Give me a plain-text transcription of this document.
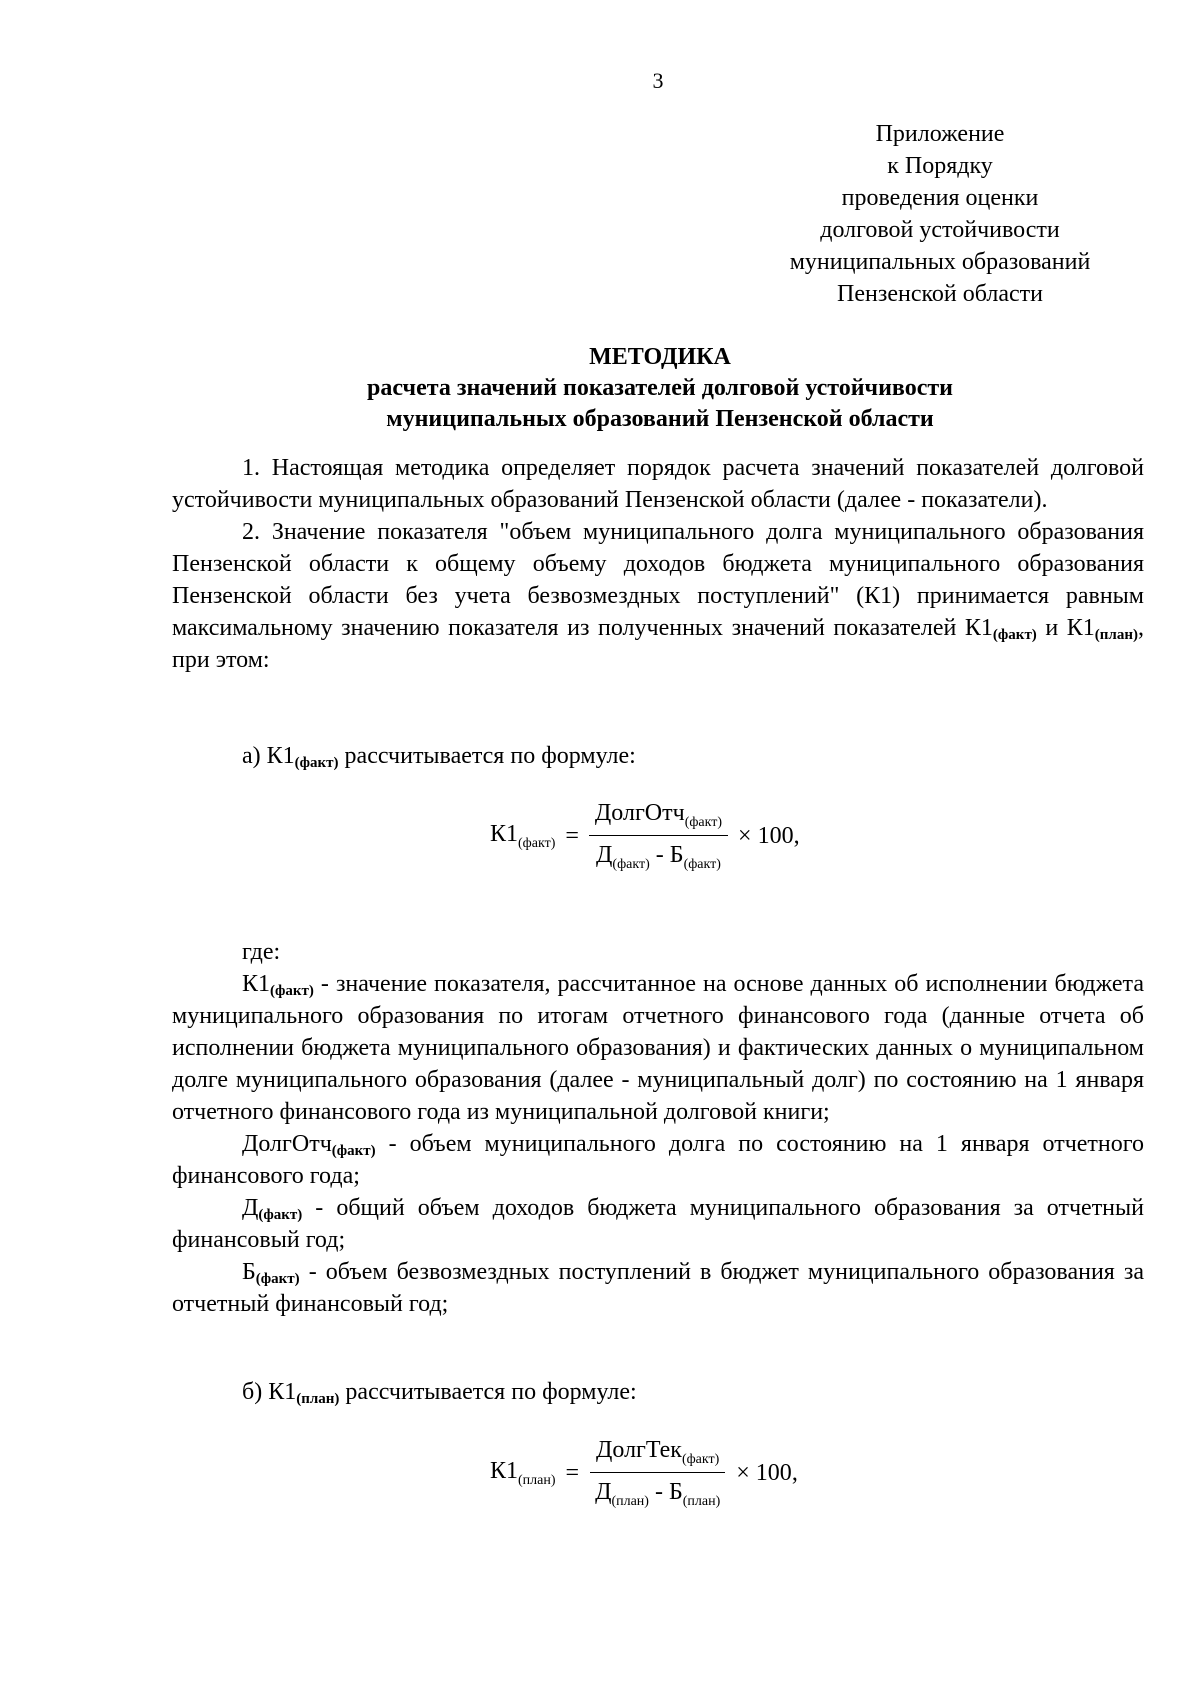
3
Приложение
к Порядку
проведения оценки
долговой устойчивости
муниципальных образований
Пензенской области
МЕТОДИКА
расчета значений показателей долговой устойчивости
муниципальных образований Пензенской области

1. Настоящая методика определяет порядок расчета значений показателей долговой устойчивости муниципальных образований Пензенской области (далее - показатели).

2. Значение показателя "объем муниципального долга муниципального образования Пензенской области к общему объему доходов бюджета муниципального образования Пензенской области без учета безвозмездных поступлений" (К1) принимается равным максимальному значению показателя из полученных значений показателей $К1_{(факт)}$ и $К1_{(план)}$, при этом:

а) $К1_{(факт)}$ рассчитывается по формуле:

$К1_{(факт)} = \frac{ДолгОтч_{(факт)}}{Д_{(факт)} - Б_{(факт)}} \times 100$ ,

где:

$К1_{(факт)}$ - значение показателя, рассчитанное на основе данных об исполнении бюджета муниципального образования по итогам отчетного финансового года (данные отчета об исполнении бюджета муниципального образования) и фактических данных о муниципальном долге муниципального образования (далее - муниципальный долг) по состоянию на 1 января отчетного финансового года из муниципальной долговой книги;

ДолгОтч$_{(факт)}$ - объем муниципального долга по состоянию на 1 января отчетного финансового года;

$Д_{(факт)}$ - общий объем доходов бюджета муниципального образования за отчетный финансовый год;

$Б_{(факт)}$ - объем безвозмездных поступлений в бюджет муниципального образования за отчетный финансовый год;

б) $К1_{(план)}$ рассчитывается по формуле:

$К1_{(план)} = \frac{ДолгТек_{(факт)}}{Д_{(план)} - Б_{(план)}} \times 100$ ,
